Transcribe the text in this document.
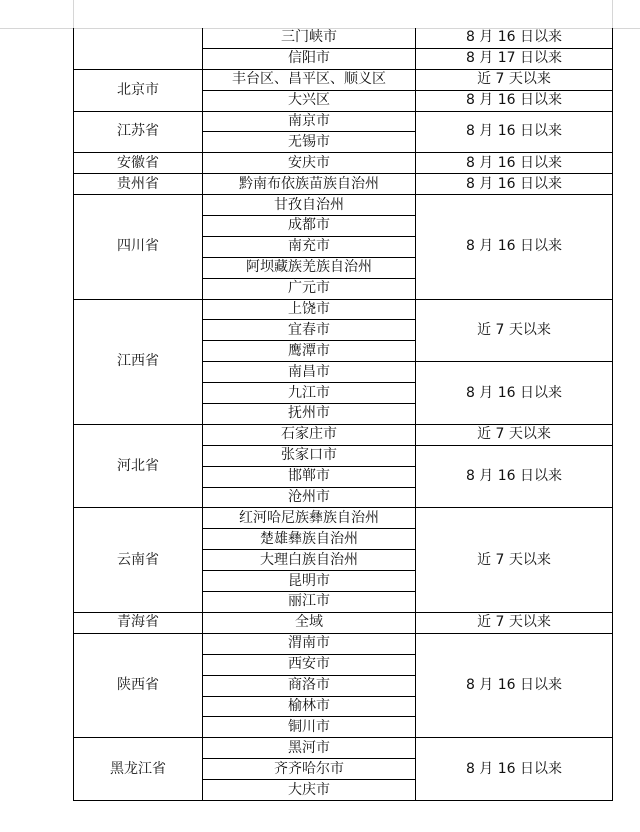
	三门峡市	8 月 16 日以来
	信阳市	8 月 17 日以来
北京市	丰台区、昌平区、顺义区	近 7 天以来
	大兴区	8 月 16 日以来
江苏省	南京市	8 月 16 日以来
	无锡市	
安徽省	安庆市	8 月 16 日以来
贵州省	黔南布依族苗族自治州	8 月 16 日以来
四川省	甘孜自治州	8 月 16 日以来
	成都市	
	南充市	
	阿坝藏族羌族自治州	
	广元市	
江西省	上饶市	近 7 天以来
	宜春市	
	鹰潭市	
	南昌市	8 月 16 日以来
	九江市	
	抚州市	
河北省	石家庄市	近 7 天以来
	张家口市	8 月 16 日以来
	邯郸市	
	沧州市	
云南省	红河哈尼族彝族自治州	近 7 天以来
	楚雄彝族自治州	
	大理白族自治州	
	昆明市	
	丽江市	
青海省	全域	近 7 天以来
陕西省	渭南市	8 月 16 日以来
	西安市	
	商洛市	
	榆林市	
	铜川市	
黑龙江省	黑河市	8 月 16 日以来
	齐齐哈尔市	
	大庆市	
